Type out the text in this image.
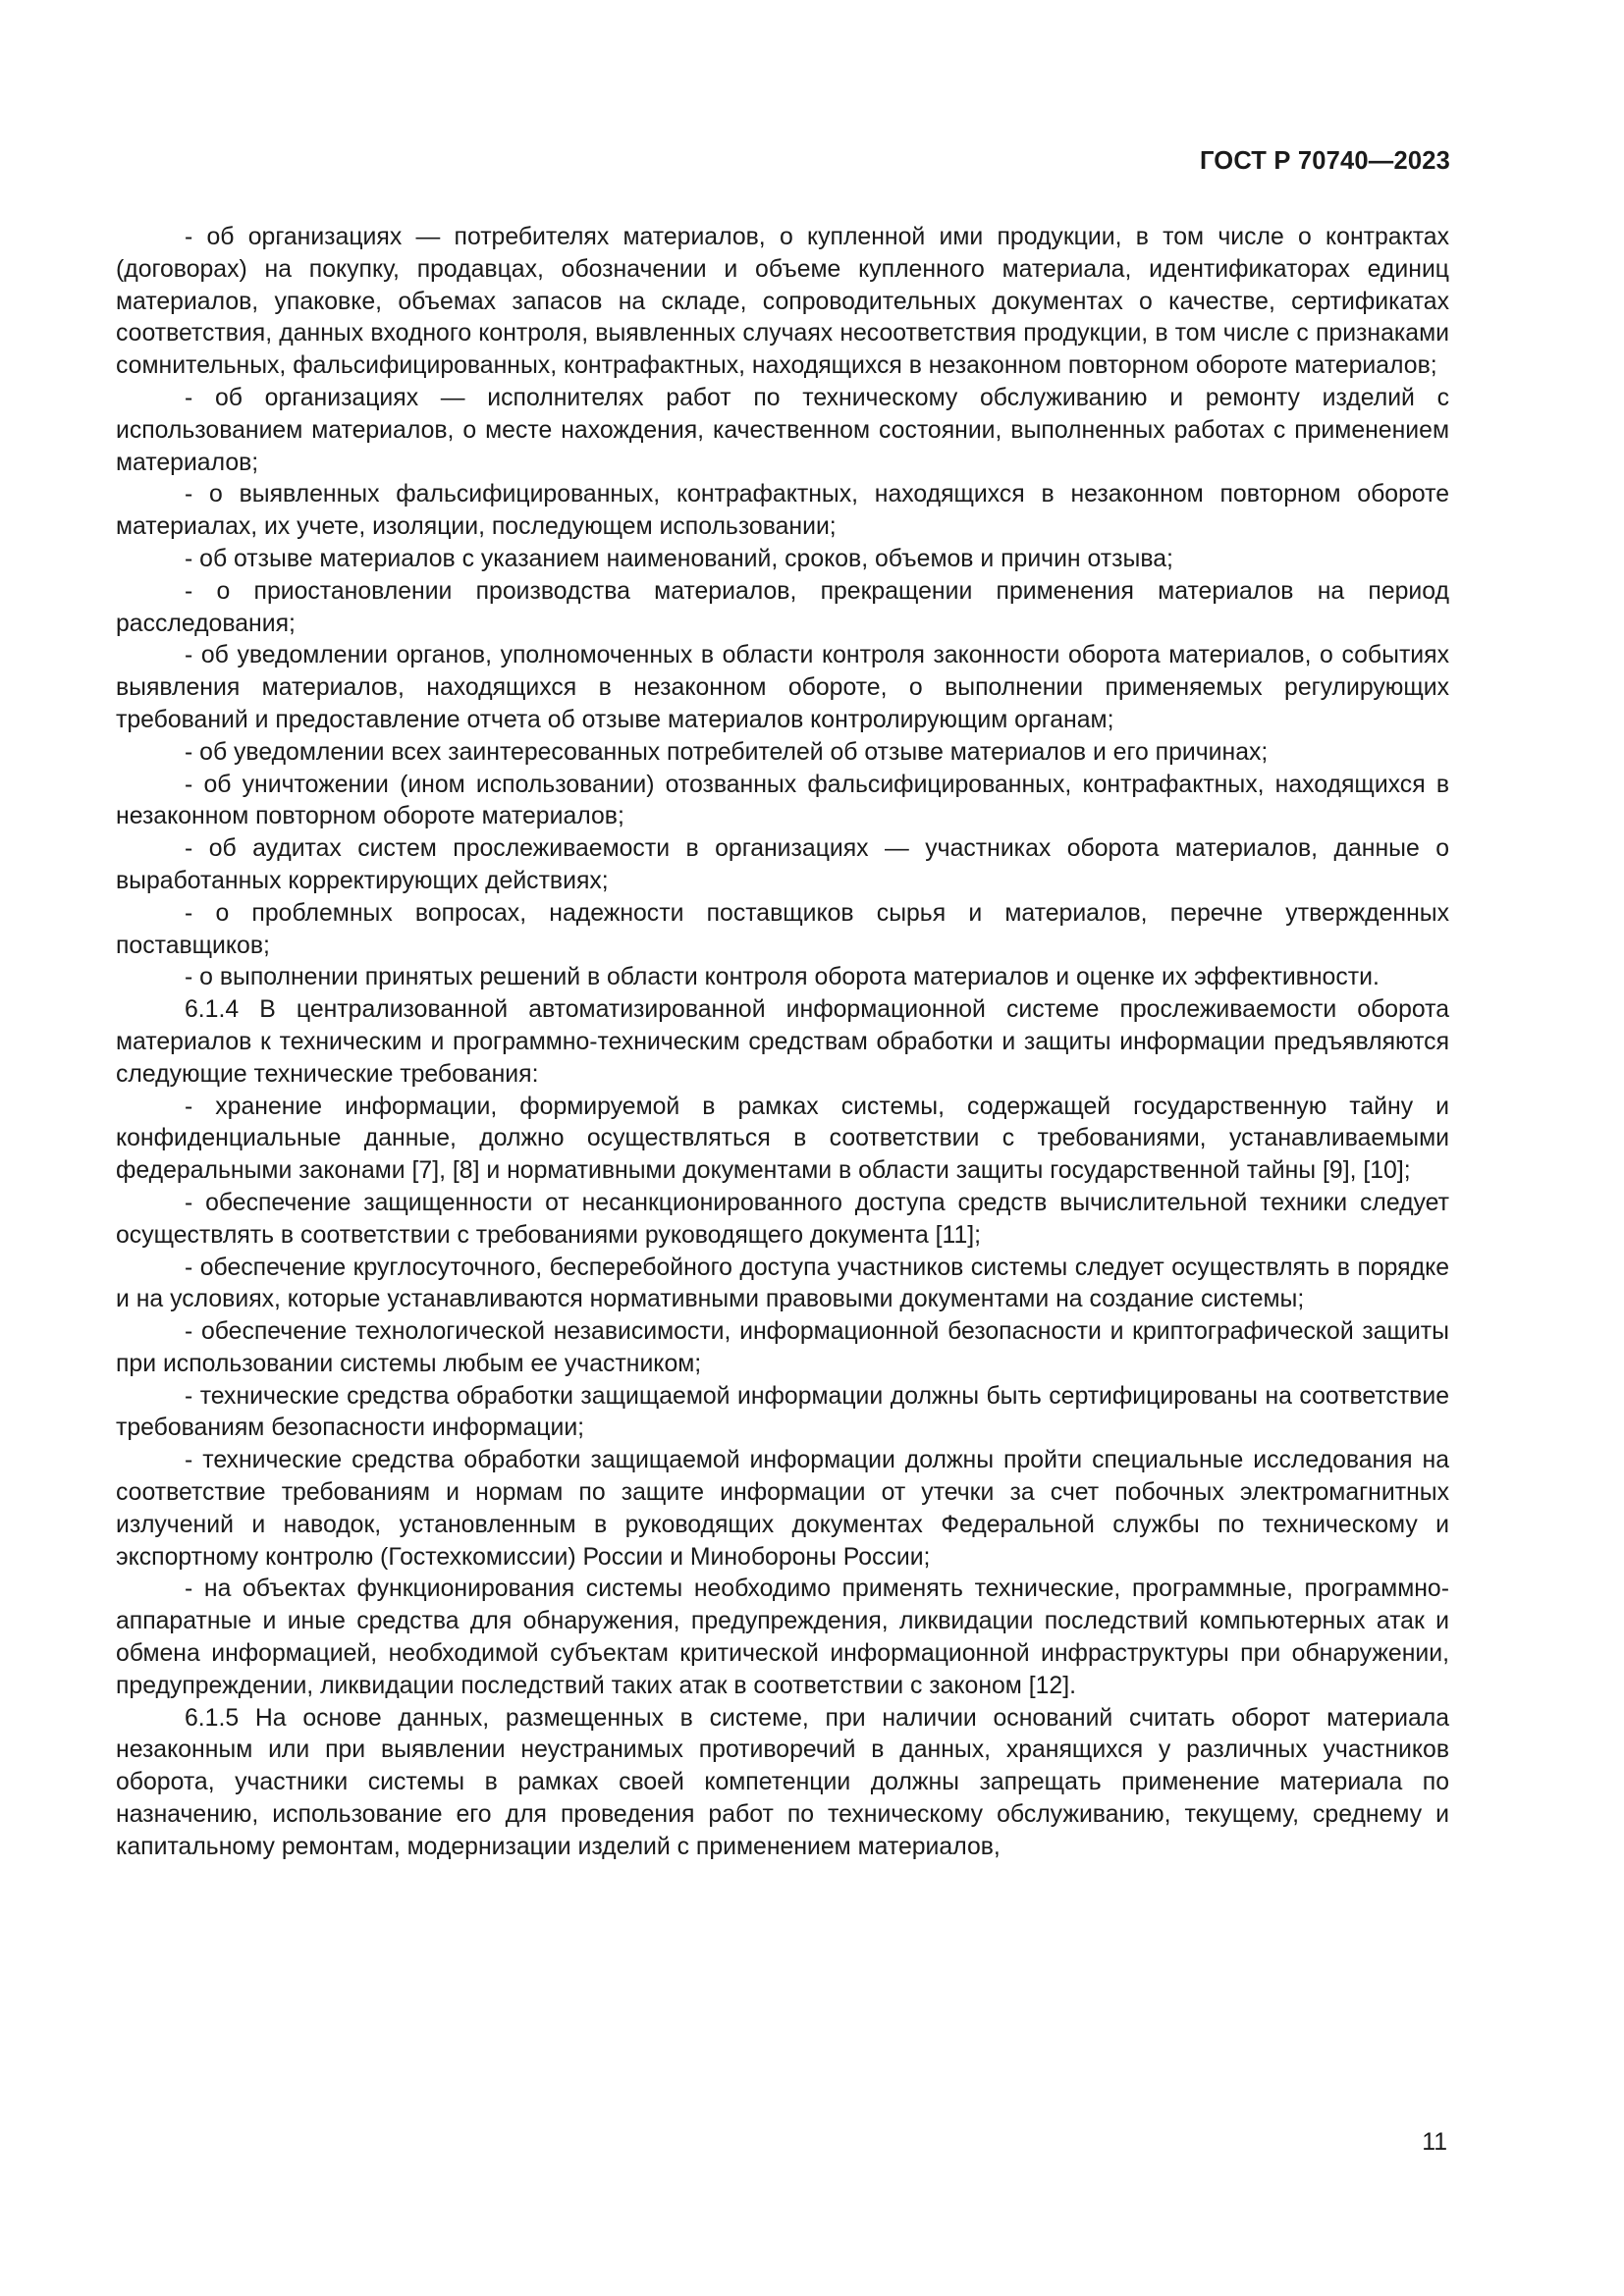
ГОСТ Р 70740—2023

- об организациях — потребителях материалов, о купленной ими продукции, в том числе о контрактах (договорах) на покупку, продавцах, обозначении и объеме купленного материала, идентификаторах единиц материалов, упаковке, объемах запасов на складе, сопроводительных документах о качестве, сертификатах соответствия, данных входного контроля, выявленных случаях несоответствия продукции, в том числе с признаками сомнительных, фальсифицированных, контрафактных, находящихся в незаконном повторном обороте материалов;

- об организациях — исполнителях работ по техническому обслуживанию и ремонту изделий с использованием материалов, о месте нахождения, качественном состоянии, выполненных работах с применением материалов;

- о выявленных фальсифицированных, контрафактных, находящихся в незаконном повторном обороте материалах, их учете, изоляции, последующем использовании;

- об отзыве материалов с указанием наименований, сроков, объемов и причин отзыва;

- о приостановлении производства материалов, прекращении применения материалов на период расследования;

- об уведомлении органов, уполномоченных в области контроля законности оборота материалов, о событиях выявления материалов, находящихся в незаконном обороте, о выполнении применяемых регулирующих требований и предоставление отчета об отзыве материалов контролирующим органам;

- об уведомлении всех заинтересованных потребителей об отзыве материалов и его причинах;

- об уничтожении (ином использовании) отозванных фальсифицированных, контрафактных, находящихся в незаконном повторном обороте материалов;

- об аудитах систем прослеживаемости в организациях — участниках оборота материалов, данные о выработанных корректирующих действиях;

- о проблемных вопросах, надежности поставщиков сырья и материалов, перечне утвержденных поставщиков;

- о выполнении принятых решений в области контроля оборота материалов и оценке их эффективности.

6.1.4 В централизованной автоматизированной информационной системе прослеживаемости оборота материалов к техническим и программно-техническим средствам обработки и защиты информации предъявляются следующие технические требования:

- хранение информации, формируемой в рамках системы, содержащей государственную тайну и конфиденциальные данные, должно осуществляться в соответствии с требованиями, устанавливаемыми федеральными законами [7], [8] и нормативными документами в области защиты государственной тайны [9], [10];

- обеспечение защищенности от несанкционированного доступа средств вычислительной техники следует осуществлять в соответствии с требованиями руководящего документа [11];

- обеспечение круглосуточного, бесперебойного доступа участников системы следует осуществлять в порядке и на условиях, которые устанавливаются нормативными правовыми документами на создание системы;

- обеспечение технологической независимости, информационной безопасности и криптографической защиты при использовании системы любым ее участником;

- технические средства обработки защищаемой информации должны быть сертифицированы на соответствие требованиям безопасности информации;

- технические средства обработки защищаемой информации должны пройти специальные исследования на соответствие требованиям и нормам по защите информации от утечки за счет побочных электромагнитных излучений и наводок, установленным в руководящих документах Федеральной службы по техническому и экспортному контролю (Гостехкомиссии) России и Минобороны России;

- на объектах функционирования системы необходимо применять технические, программные, программно-аппаратные и иные средства для обнаружения, предупреждения, ликвидации последствий компьютерных атак и обмена информацией, необходимой субъектам критической информационной инфраструктуры при обнаружении, предупреждении, ликвидации последствий таких атак в соответствии с законом [12].

6.1.5 На основе данных, размещенных в системе, при наличии оснований считать оборот материала незаконным или при выявлении неустранимых противоречий в данных, хранящихся у различных участников оборота, участники системы в рамках своей компетенции должны запрещать применение материала по назначению, использование его для проведения работ по техническому обслуживанию, текущему, среднему и капитальному ремонтам, модернизации изделий с применением материалов,

11
